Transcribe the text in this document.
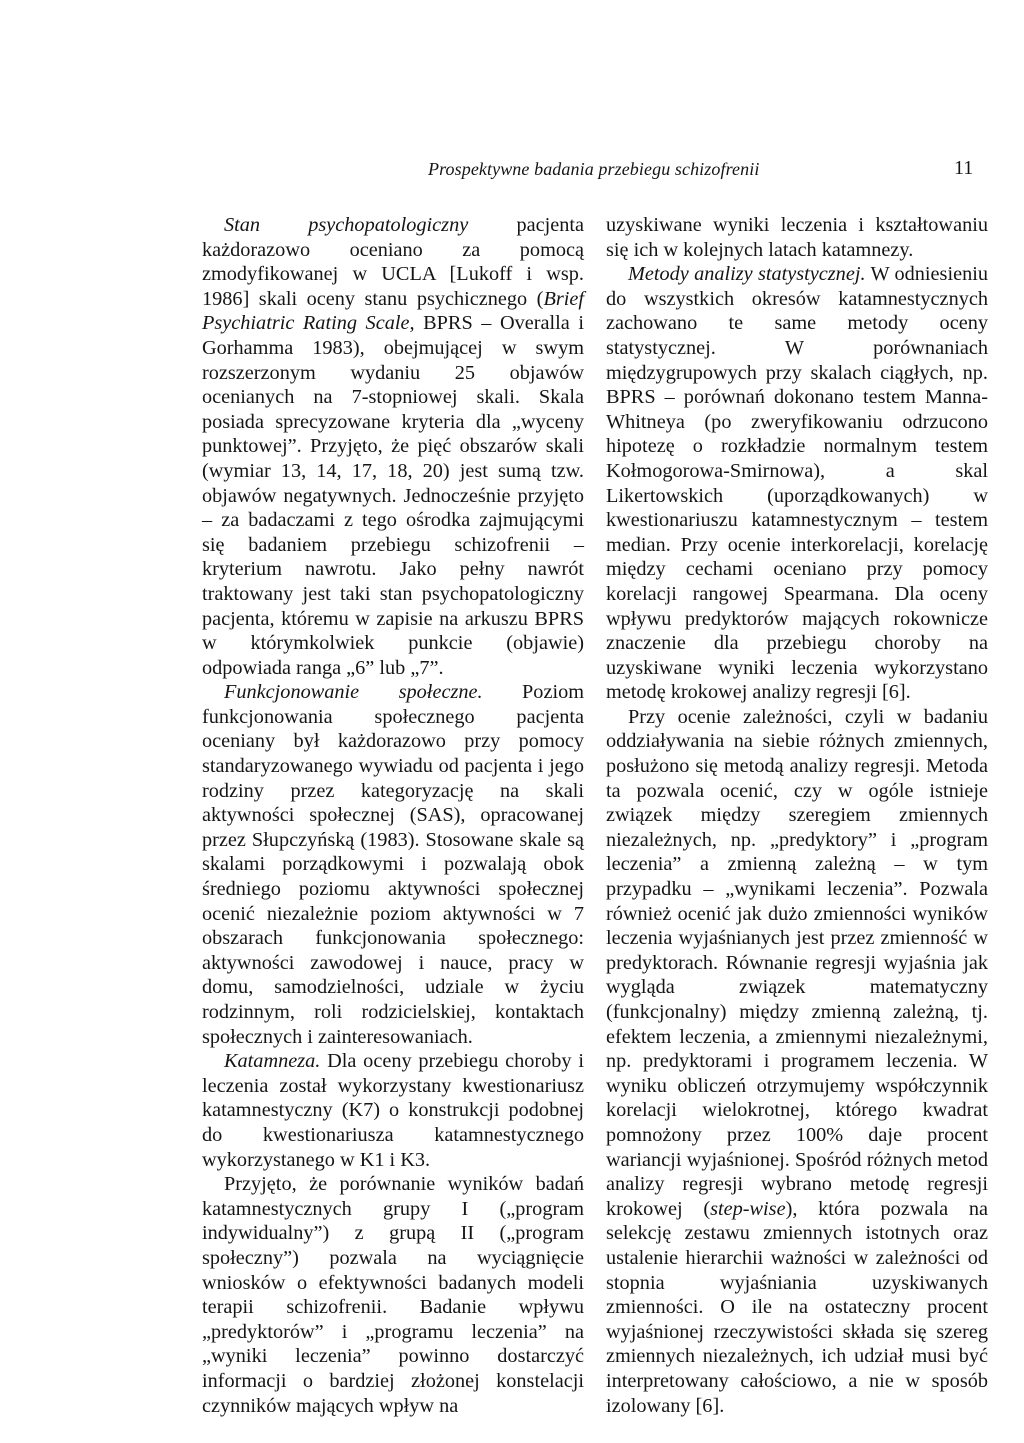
Prospektywne badania przebiegu schizofrenii	11

Stan psychopatologiczny pacjenta każdorazowo oceniano za pomocą zmodyfikowanej w UCLA [Lukoff i wsp. 1986] skali oceny stanu psychicznego (Brief Psychiatric Rating Scale, BPRS – Overalla i Gorhamma 1983), obejmującej w swym rozszerzonym wydaniu 25 objawów ocenianych na 7-stopniowej skali. Skala posiada sprecyzowane kryteria dla „wyceny punktowej”. Przyjęto, że pięć obszarów skali (wymiar 13, 14, 17, 18, 20) jest sumą tzw. objawów negatywnych. Jednocześnie przyjęto – za badaczami z tego ośrodka zajmującymi się badaniem przebiegu schizofrenii – kryterium nawrotu. Jako pełny nawrót traktowany jest taki stan psychopatologiczny pacjenta, któremu w zapisie na arkuszu BPRS w którymkolwiek punkcie (objawie) odpowiada ranga „6” lub „7”.

Funkcjonowanie społeczne. Poziom funkcjonowania społecznego pacjenta oceniany był każdorazowo przy pomocy standaryzowanego wywiadu od pacjenta i jego rodziny przez kategoryzację na skali aktywności społecznej (SAS), opracowanej przez Słupczyńską (1983). Stosowane skale są skalami porządkowymi i pozwalają obok średniego poziomu aktywności społecznej ocenić niezależnie poziom aktywności w 7 obszarach funkcjonowania społecznego: aktywności zawodowej i nauce, pracy w domu, samodzielności, udziale w życiu rodzinnym, roli rodzicielskiej, kontaktach społecznych i zainteresowaniach.

Katamneza. Dla oceny przebiegu choroby i leczenia został wykorzystany kwestionariusz katamnestyczny (K7) o konstrukcji podobnej do kwestionariusza katamnestycznego wykorzystanego w K1 i K3.

Przyjęto, że porównanie wyników badań katamnestycznych grupy I („program indywidualny”) z grupą II („program społeczny”) pozwala na wyciągnięcie wniosków o efektywności badanych modeli terapii schizofrenii. Badanie wpływu „predyktorów” i „programu leczenia” na „wyniki leczenia” powinno dostarczyć informacji o bardziej złożonej konstelacji czynników mających wpływ na

uzyskiwane wyniki leczenia i kształtowaniu się ich w kolejnych latach katamnezy.

Metody analizy statystycznej. W odniesieniu do wszystkich okresów katamnestycznych zachowano te same metody oceny statystycznej. W porównaniach międzygrupowych przy skalach ciągłych, np. BPRS – porównań dokonano testem Manna-Whitneya (po zweryfikowaniu odrzucono hipotezę o rozkładzie normalnym testem Kołmogorowa-Smirnowa), a skal Likertowskich (uporządkowanych) w kwestionariuszu katamnestycznym – testem median. Przy ocenie interkorelacji, korelację między cechami oceniano przy pomocy korelacji rangowej Spearmana. Dla oceny wpływu predyktorów mających rokownicze znaczenie dla przebiegu choroby na uzyskiwane wyniki leczenia wykorzystano metodę krokowej analizy regresji [6].

Przy ocenie zależności, czyli w badaniu oddziaływania na siebie różnych zmiennych, posłużono się metodą analizy regresji. Metoda ta pozwala ocenić, czy w ogóle istnieje związek między szeregiem zmiennych niezależnych, np. „predyktory” i „program leczenia” a zmienną zależną – w tym przypadku – „wynikami leczenia”. Pozwala również ocenić jak dużo zmienności wyników leczenia wyjaśnianych jest przez zmienność w predyktorach. Równanie regresji wyjaśnia jak wygląda związek matematyczny (funkcjonalny) między zmienną zależną, tj. efektem leczenia, a zmiennymi niezależnymi, np. predyktorami i programem leczenia. W wyniku obliczeń otrzymujemy współczynnik korelacji wielokrotnej, którego kwadrat pomnożony przez 100% daje procent wariancji wyjaśnionej. Spośród różnych metod analizy regresji wybrano metodę regresji krokowej (step-wise), która pozwala na selekcję zestawu zmiennych istotnych oraz ustalenie hierarchii ważności w zależności od stopnia wyjaśniania uzyskiwanych zmienności. O ile na ostateczny procent wyjaśnionej rzeczywistości składa się szereg zmiennych niezależnych, ich udział musi być interpretowany całościowo, a nie w sposób izolowany [6].
